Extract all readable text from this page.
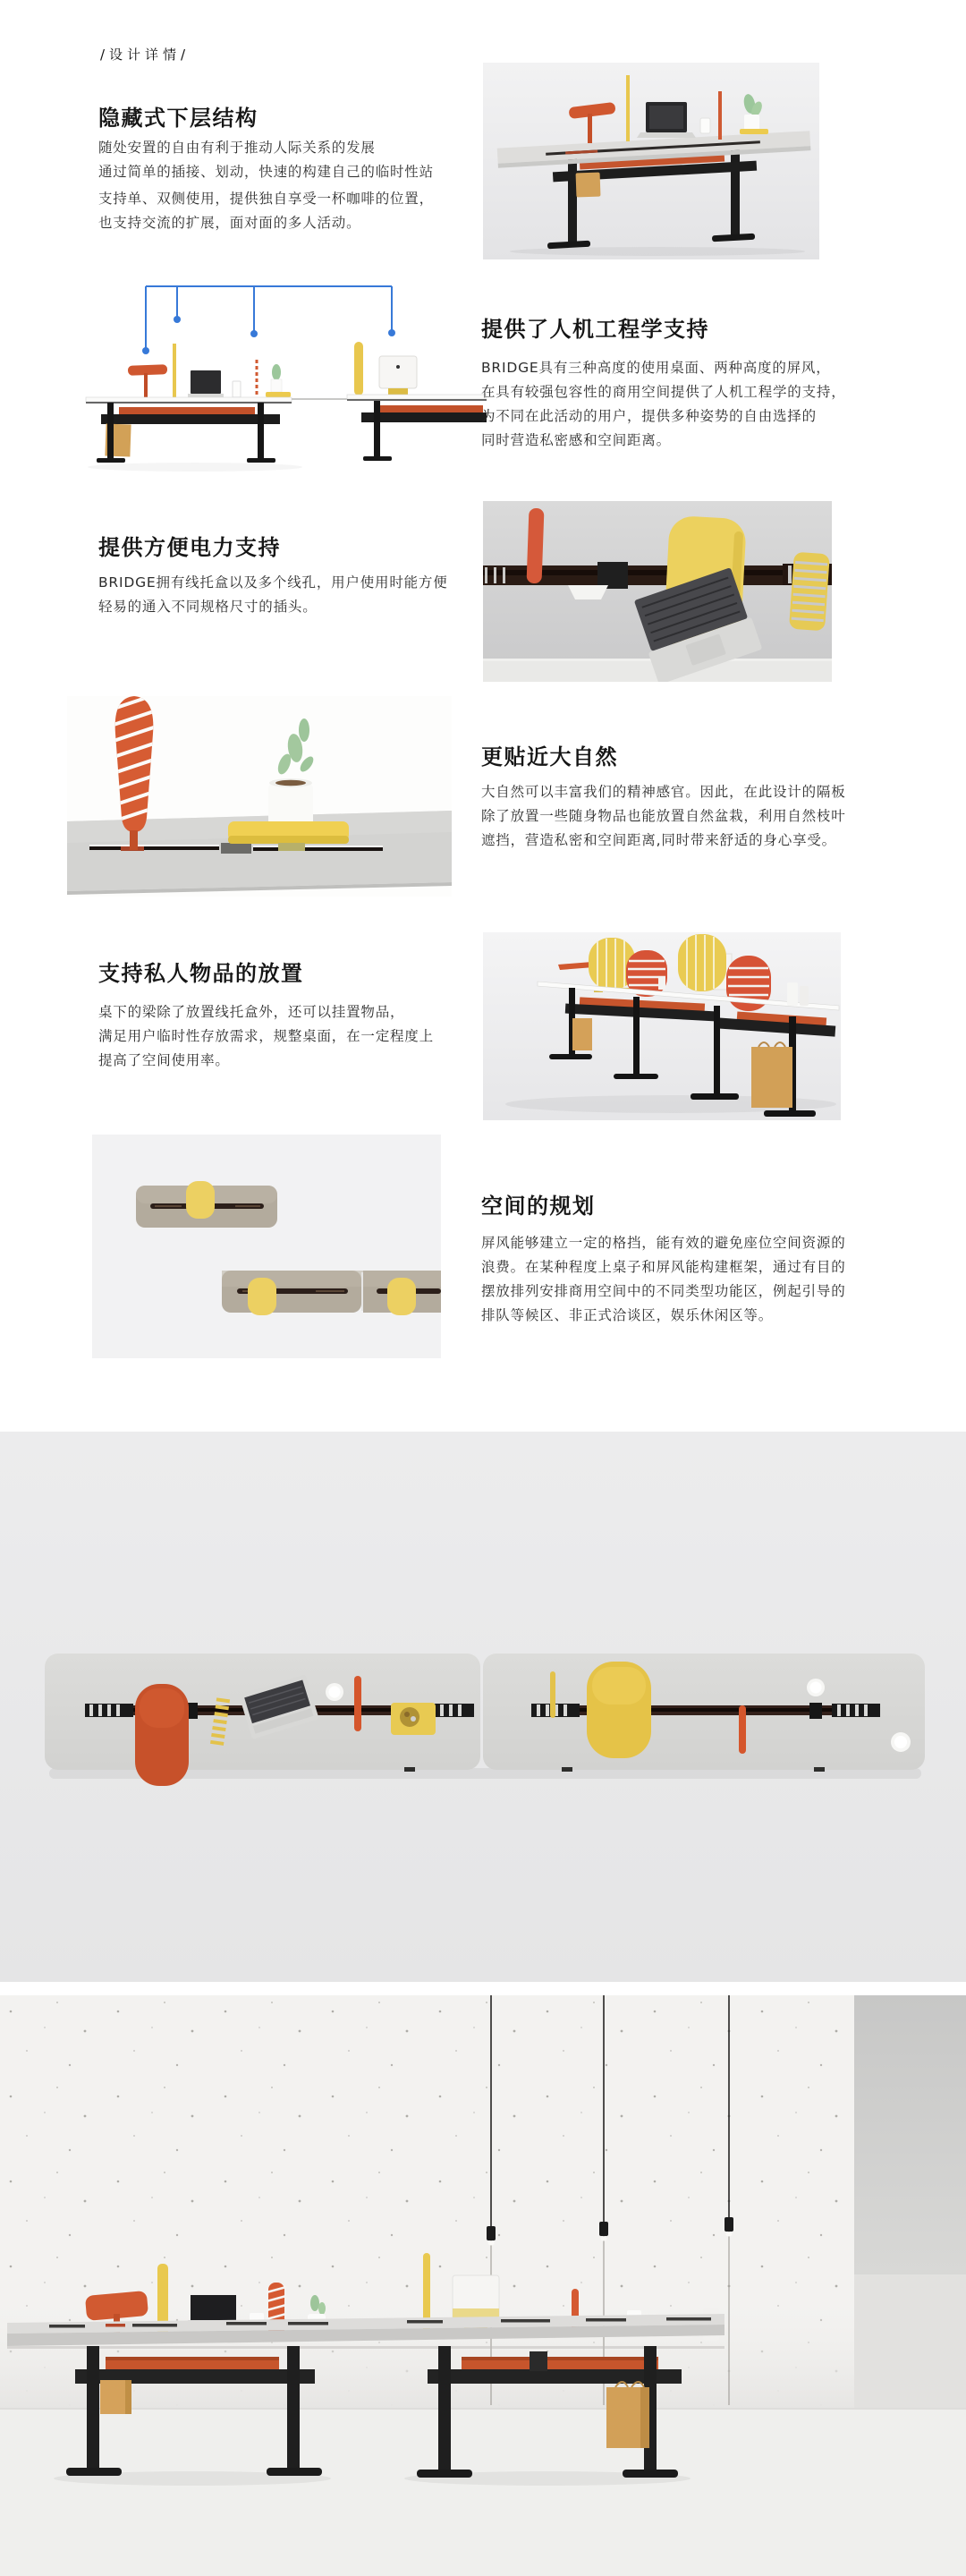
/设计详情/
隐藏式下层结构
随处安置的自由有利于推动人际关系的发展
通过简单的插接、划动，快速的构建自己的临时性站
支持单、双侧使用，提供独自享受一杯咖啡的位置，
也支持交流的扩展，面对面的多人活动。
提供了人机工程学支持
BRIDGE具有三种高度的使用桌面、两种高度的屏风，
在具有较强包容性的商用空间提供了人机工程学的支持，
为不同在此活动的用户，提供多种姿势的自由选择的
同时营造私密感和空间距离。
提供方便电力支持
BRIDGE拥有线托盒以及多个线孔，用户使用时能方便
轻易的通入不同规格尺寸的插头。
更贴近大自然
大自然可以丰富我们的精神感官。因此，在此设计的隔板
除了放置一些随身物品也能放置自然盆栽，利用自然枝叶
遮挡，营造私密和空间距离,同时带来舒适的身心享受。
支持私人物品的放置
桌下的梁除了放置线托盒外，还可以挂置物品，
满足用户临时性存放需求，规整桌面，在一定程度上
提高了空间使用率。
空间的规划
屏风能够建立一定的格挡，能有效的避免座位空间资源的
浪费。在某种程度上桌子和屏风能构建框架，通过有目的
摆放排列安排商用空间中的不同类型功能区，例起引导的
排队等候区、非正式洽谈区，娱乐休闲区等。
